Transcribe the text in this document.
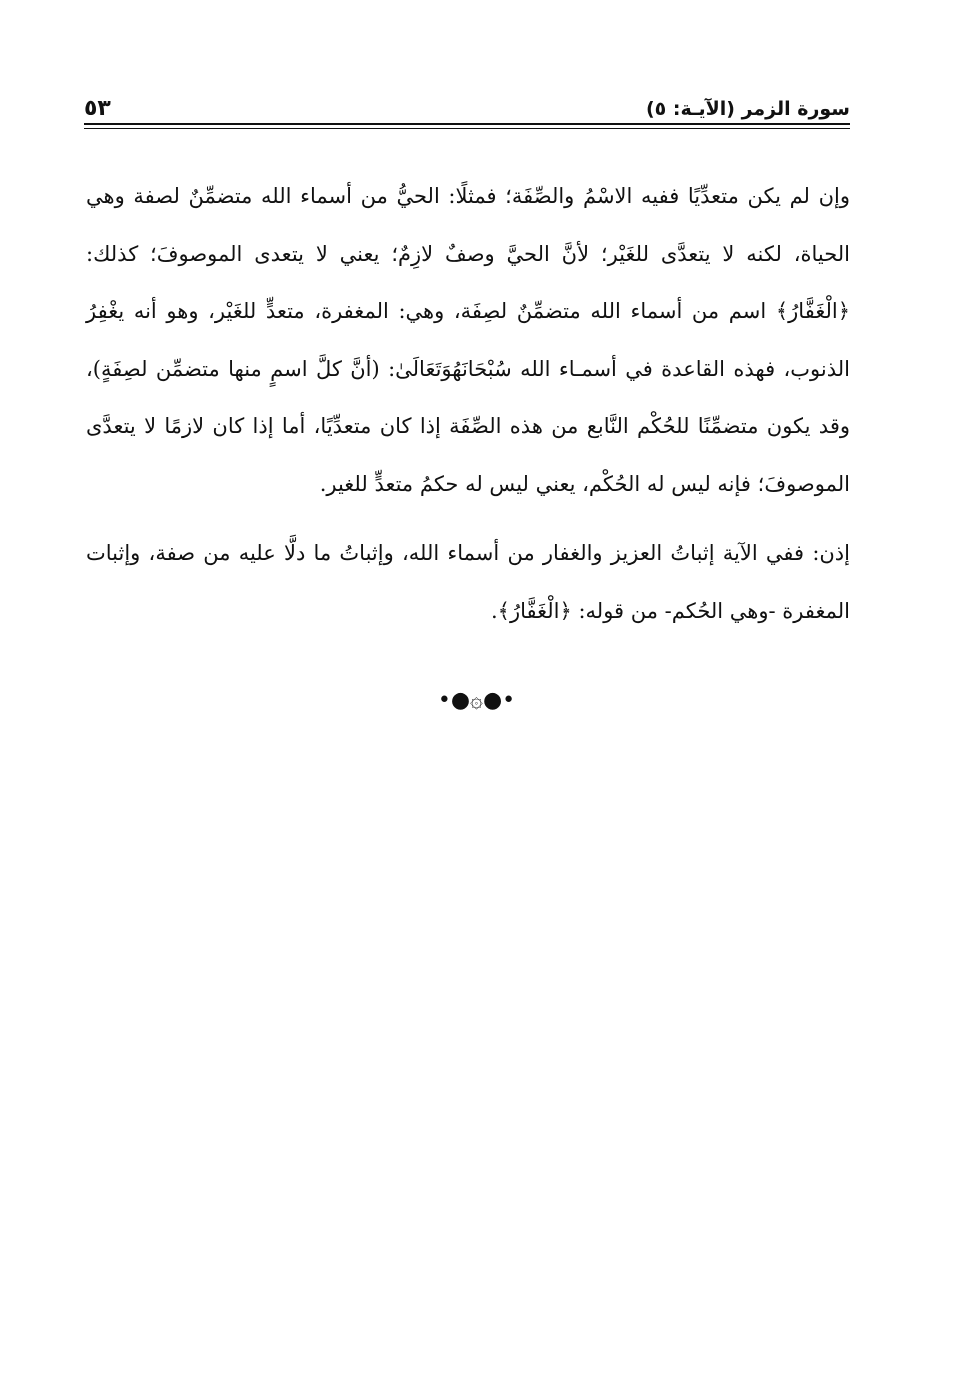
سورة الزمر (الآيـة: ٥)
٥٣

وإن لم يكن متعدِّيًا ففيه الاسْمُ والصِّفَة؛ فمثلًا: الحيُّ من أسماء الله متضمِّنٌ لصفة وهي الحياة، لكنه لا يتعدَّى للغَيْر؛ لأنَّ الحيَّ وصفٌ لازِمٌ؛ يعني لا يتعدى الموصوفَ؛ كذلك: ﴿الْغَفَّارُ﴾ اسم من أسماء الله متضمِّنٌ لصِفَة، وهي: المغفرة، متعدٍّ للغَيْر، وهو أنه يغْفِرُ الذنوب، فهذه القاعدة في أسمـاء الله سُبْحَانَهُوَتَعَالَىٰ: (أنَّ كلَّ اسمٍ منها متضمِّن لصِفَةٍ)، وقد يكون متضمِّنًا للحُكْم النَّابع من هذه الصِّفَة إذا كان متعدِّيًا، أما إذا كان لازمًا لا يتعدَّى الموصوفَ؛ فإنه ليس له الحُكْم، يعني ليس له حكمُ متعدٍّ للغير.

إذن: ففي الآية إثباتُ العزيز والغفار من أسماء الله، وإثباتُ ما دلَّا عليه من صفة، وإثبات المغفرة -وهي الحُكم- من قوله: ﴿الْغَفَّارُ﴾.

•●۞●•
